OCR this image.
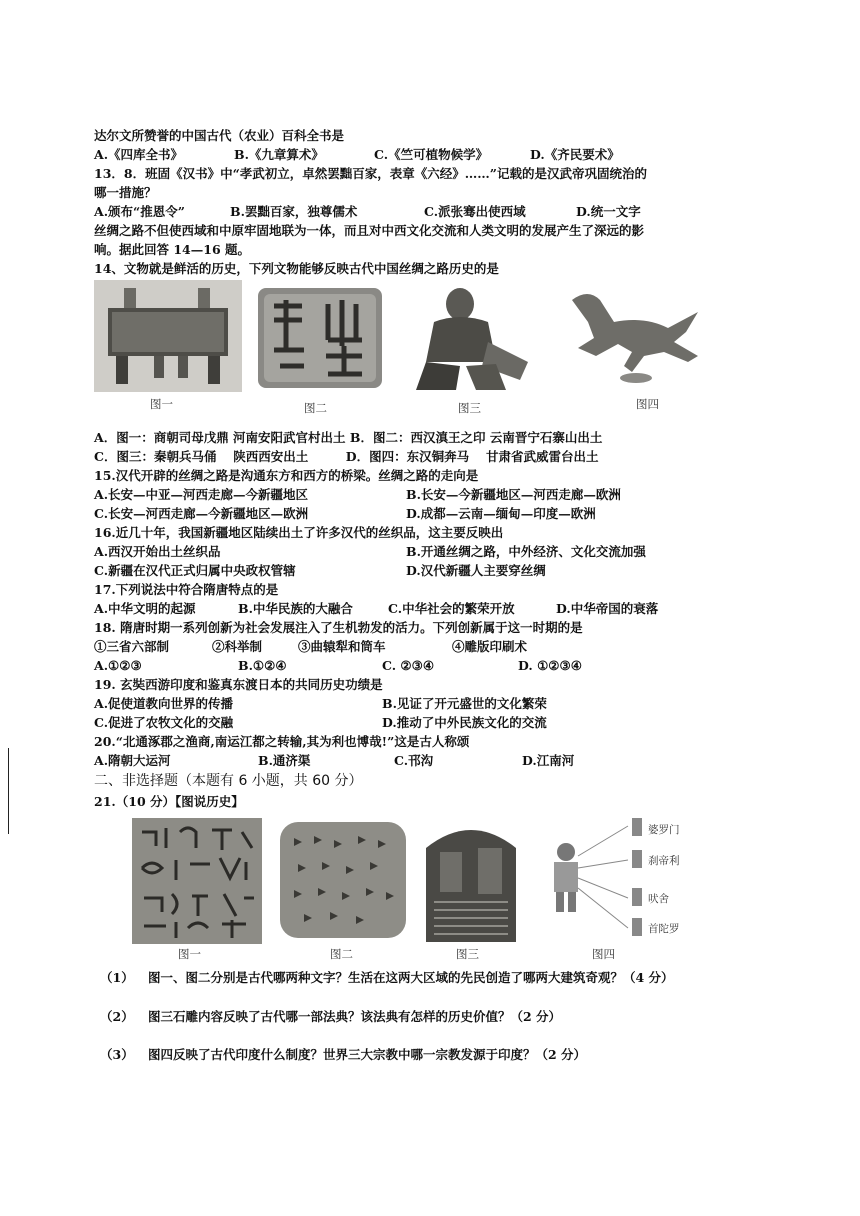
达尔文所赞誉的中国古代（农业）百科全书是
A.《四库全书》	B.《九章算术》	C.《竺可植物候学》	D.《齐民要术》
13．8．班固《汉书》中“孝武初立，卓然罢黜百家，表章《六经》……”记载的是汉武帝巩固统治的
哪一措施？
A.颁布“推恩令”	B.罢黜百家，独尊儒术	C.派张骞出使西域	D.统一文字
丝绸之路不但使西域和中原牢固地联为一体，而且对中西文化交流和人类文明的发展产生了深远的影
响。据此回答 14—16 题。
14、文物就是鲜活的历史，下列文物能够反映古代中国丝绸之路历史的是
图一	图二	图三	图四
A．图一：商朝司母戊鼎 河南安阳武官村出土 B．图二：西汉滇王之印 云南晋宁石寨山出土
C．图三：秦朝兵马俑　 陕西西安出土　　　D．图四：东汉铜奔马　 甘肃省武威雷台出土
15.汉代开辟的丝绸之路是沟通东方和西方的桥梁。丝绸之路的走向是
A.长安—中亚—河西走廊—今新疆地区	B.长安—今新疆地区—河西走廊—欧洲
C.长安—河西走廊—今新疆地区—欧洲	D.成都—云南—缅甸—印度—欧洲
16.近几十年，我国新疆地区陆续出土了许多汉代的丝织品，这主要反映出
A.西汉开始出土丝织品	B.开通丝绸之路，中外经济、文化交流加强
C.新疆在汉代正式归属中央政权管辖	D.汉代新疆人主要穿丝绸
17.下列说法中符合隋唐特点的是
A.中华文明的起源	B.中华民族的大融合	C.中华社会的繁荣开放	D.中华帝国的衰落
18. 隋唐时期一系列创新为社会发展注入了生机勃发的活力。下列创新属于这一时期的是
①三省六部制	②科举制	③曲辕犁和筒车	④雕版印刷术
A.①②③	B.①②④	C. ②③④	D. ①②③④
19. 玄奘西游印度和鉴真东渡日本的共同历史功绩是
A.促使道教向世界的传播	B.见证了开元盛世的文化繁荣
C.促进了农牧文化的交融	D.推动了中外民族文化的交流
20.“北通涿郡之渔商,南运江都之转输,其为利也博哉!”这是古人称颂
A.隋朝大运河	B.通济渠	C.邗沟	D.江南河
二、非选择题（本题有 6 小题，共 60 分）
21.（10 分）【图说历史】
婆罗门
刹帝利
吠舍
首陀罗
图一	图二	图三	图四
（1） 图一、图二分别是古代哪两种文字？生活在这两大区域的先民创造了哪两大建筑奇观？（4 分）
（2） 图三石雕内容反映了古代哪一部法典？该法典有怎样的历史价值？（2 分）
（3） 图四反映了古代印度什么制度？世界三大宗教中哪一宗教发源于印度？（2 分）
